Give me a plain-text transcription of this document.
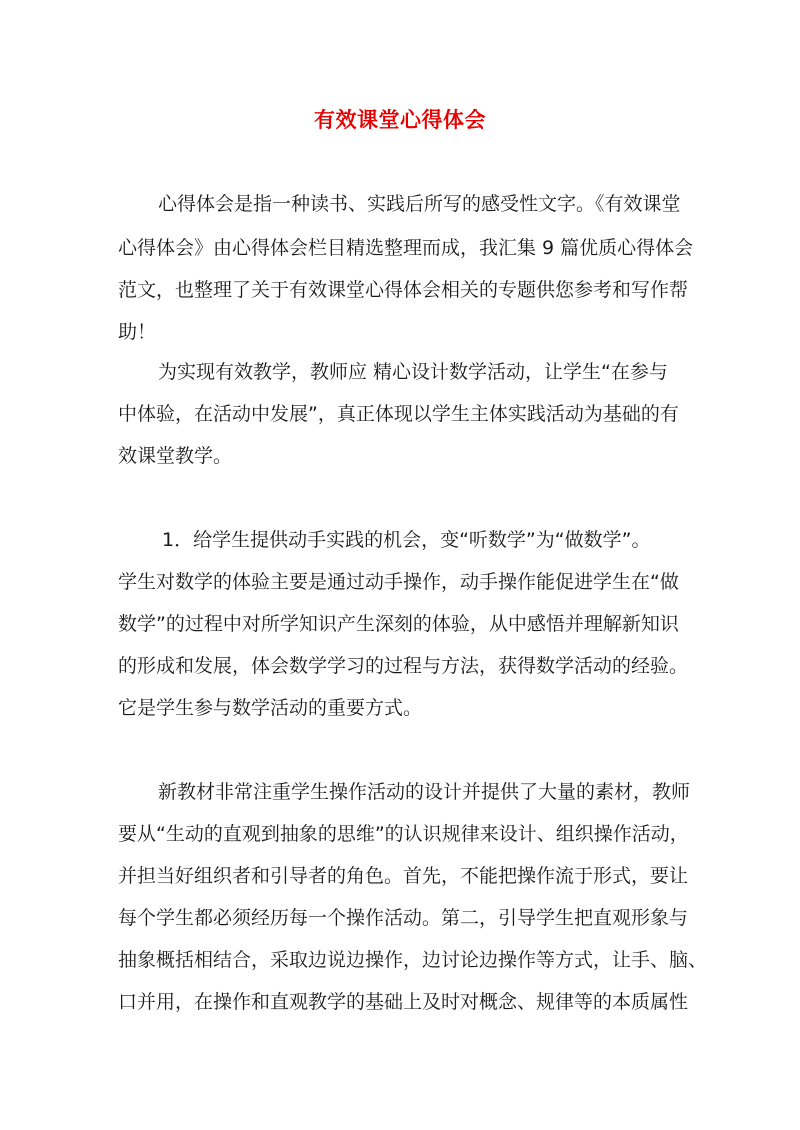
有效课堂心得体会
心得体会是指一种读书、实践后所写的感受性文字。《有效课堂
心得体会》由心得体会栏目精选整理而成，我汇集 9 篇优质心得体会
范文，也整理了关于有效课堂心得体会相关的专题供您参考和写作帮
助！
为实现有效教学，教师应 精心设计数学活动，让学生“在参与
中体验，在活动中发展”，真正体现以学生主体实践活动为基础的有
效课堂教学。
1．给学生提供动手实践的机会，变“听数学”为“做数学”。
学生对数学的体验主要是通过动手操作，动手操作能促进学生在“做
数学”的过程中对所学知识产生深刻的体验，从中感悟并理解新知识
的形成和发展，体会数学学习的过程与方法，获得数学活动的经验。
它是学生参与数学活动的重要方式。
新教材非常注重学生操作活动的设计并提供了大量的素材，教师
要从“生动的直观到抽象的思维”的认识规律来设计、组织操作活动，
并担当好组织者和引导者的角色。首先，不能把操作流于形式，要让
每个学生都必须经历每一个操作活动。第二，引导学生把直观形象与
抽象概括相结合，采取边说边操作，边讨论边操作等方式，让手、脑、
口并用，在操作和直观教学的基础上及时对概念、规律等的本质属性
